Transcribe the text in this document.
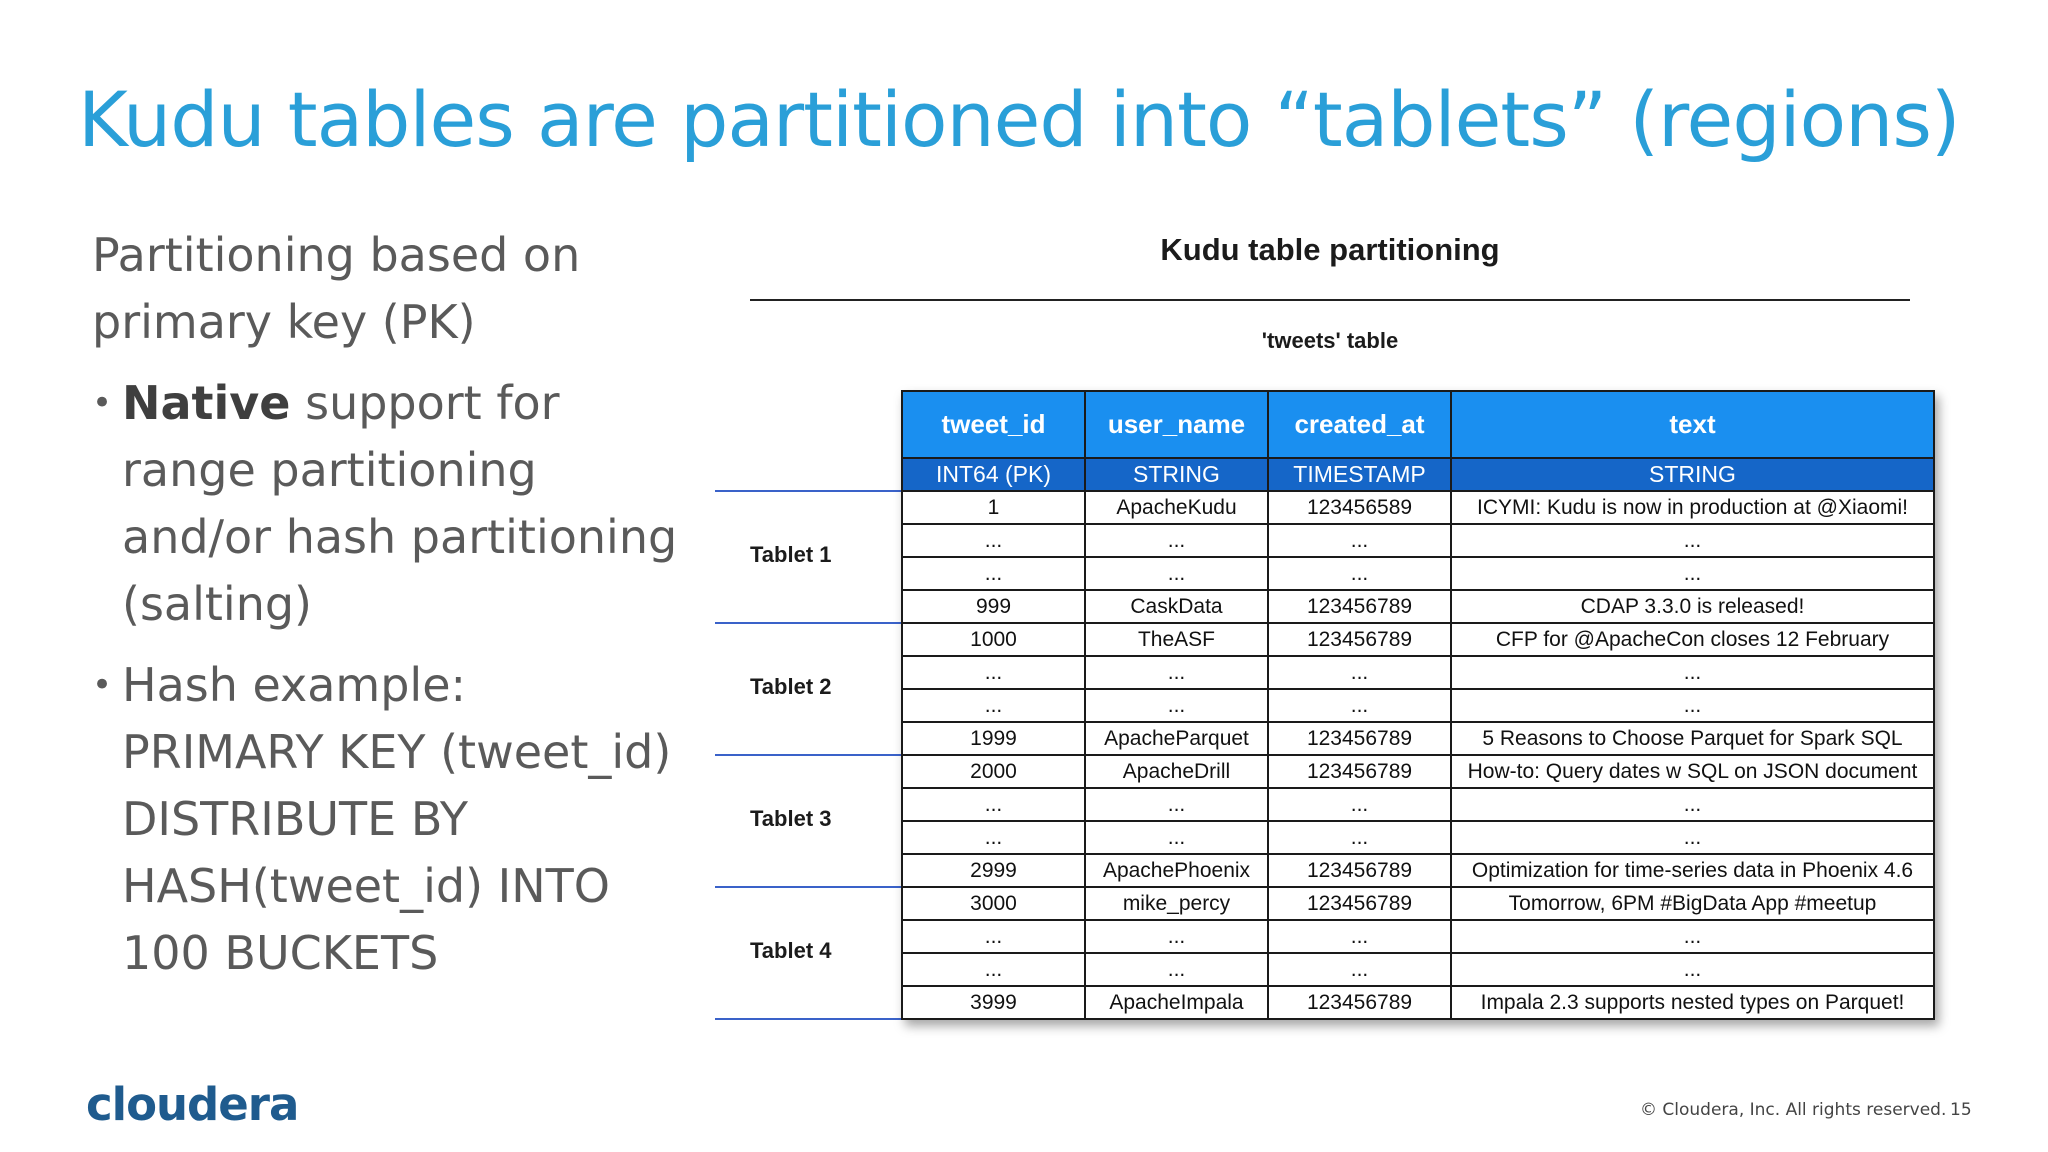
Kudu tables are partitioned into “tablets” (regions)

Partitioning based on primary key (PK)

• Native support for range partitioning and/or hash partitioning (salting)

• Hash example: PRIMARY KEY (tweet_id) DISTRIBUTE BY HASH(tweet_id) INTO 100 BUCKETS

Kudu table partitioning
'tweets' table
Tablet 1
Tablet 2
Tablet 3
Tablet 4
tweet_id	user_name	created_at	text
INT64 (PK)	STRING	TIMESTAMP	STRING
1	ApacheKudu	123456589	ICYMI: Kudu is now in production at @Xiaomi!
...	...	...	...
...	...	...	...
999	CaskData	123456789	CDAP 3.3.0 is released!
1000	TheASF	123456789	CFP for @ApacheCon closes 12 February
...	...	...	...
...	...	...	...
1999	ApacheParquet	123456789	5 Reasons to Choose Parquet for Spark SQL
2000	ApacheDrill	123456789	How-to: Query dates w SQL on JSON document
...	...	...	...
...	...	...	...
2999	ApachePhoenix	123456789	Optimization for time-series data in Phoenix 4.6
3000	mike_percy	123456789	Tomorrow, 6PM #BigData App #meetup
...	...	...	...
...	...	...	...
3999	ApacheImpala	123456789	Impala 2.3 supports nested types on Parquet!
cloudera	© Cloudera, Inc. All rights reserved. 15
